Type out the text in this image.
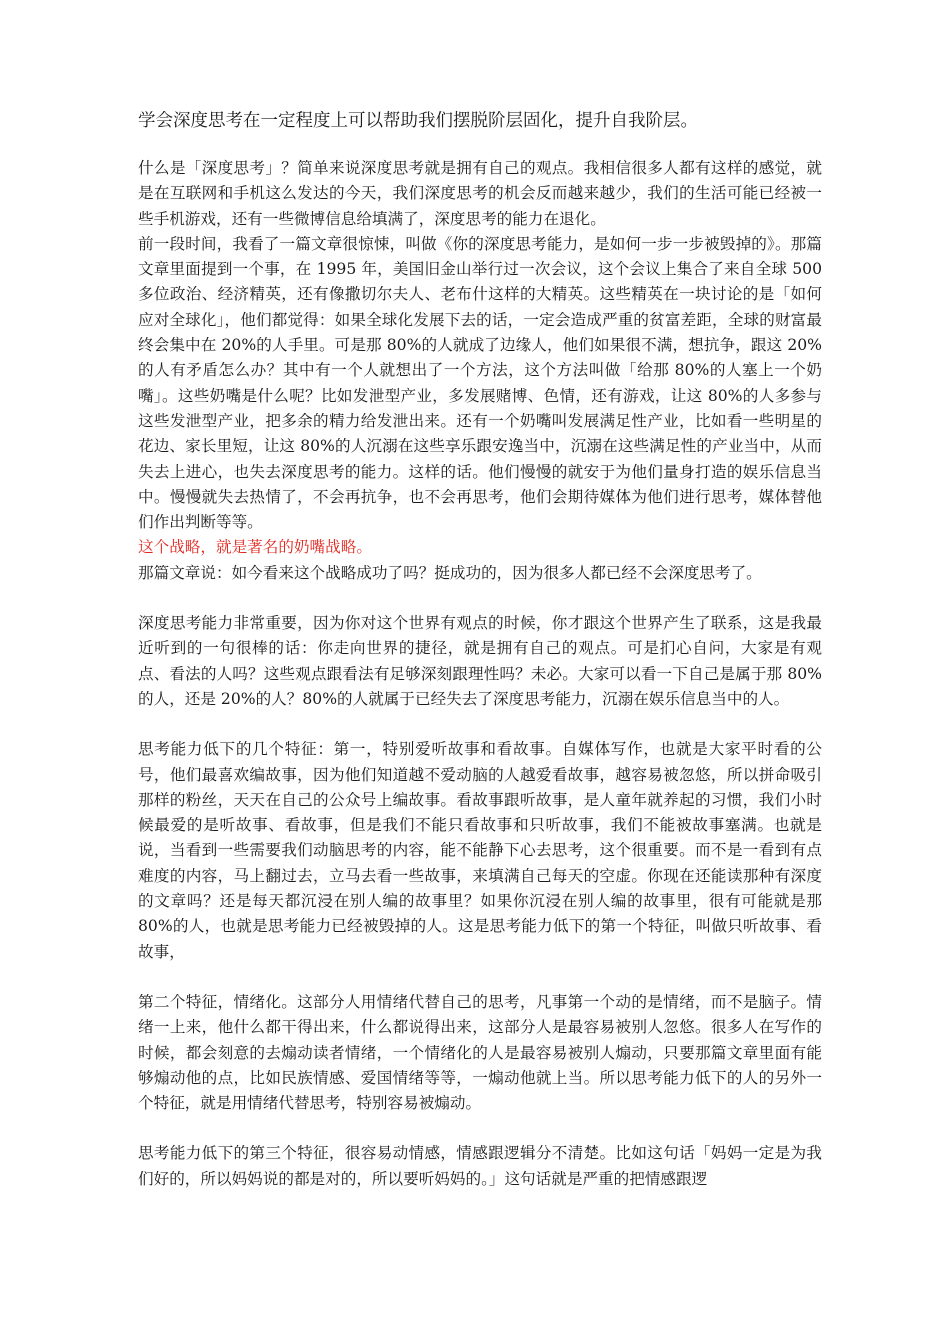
学会深度思考在一定程度上可以帮助我们摆脱阶层固化，提升自我阶层。

什么是「深度思考」？简单来说深度思考就是拥有自己的观点。我相信很多人都有这样的感觉，就是在互联网和手机这么发达的今天，我们深度思考的机会反而越来越少，我们的生活可能已经被一些手机游戏，还有一些微博信息给填满了，深度思考的能力在退化。

前一段时间，我看了一篇文章很惊悚，叫做《你的深度思考能力，是如何一步一步被毁掉的》。那篇文章里面提到一个事，在 1995 年，美国旧金山举行过一次会议，这个会议上集合了来自全球 500 多位政治、经济精英，还有像撒切尔夫人、老布什这样的大精英。这些精英在一块讨论的是「如何应对全球化」，他们都觉得：如果全球化发展下去的话，一定会造成严重的贫富差距，全球的财富最终会集中在 20%的人手里。可是那 80%的人就成了边缘人，他们如果很不满，想抗争，跟这 20%的人有矛盾怎么办？其中有一个人就想出了一个方法，这个方法叫做「给那 80%的人塞上一个奶嘴」。这些奶嘴是什么呢？比如发泄型产业，多发展赌博、色情，还有游戏，让这 80%的人多参与这些发泄型产业，把多余的精力给发泄出来。还有一个奶嘴叫发展满足性产业，比如看一些明星的花边、家长里短，让这 80%的人沉溺在这些享乐跟安逸当中，沉溺在这些满足性的产业当中，从而失去上进心，也失去深度思考的能力。这样的话。他们慢慢的就安于为他们量身打造的娱乐信息当中。慢慢就失去热情了，不会再抗争，也不会再思考，他们会期待媒体为他们进行思考，媒体替他们作出判断等等。

这个战略，就是著名的奶嘴战略。

那篇文章说：如今看来这个战略成功了吗？挺成功的，因为很多人都已经不会深度思考了。

深度思考能力非常重要，因为你对这个世界有观点的时候，你才跟这个世界产生了联系，这是我最近听到的一句很棒的话：你走向世界的捷径，就是拥有自己的观点。可是扪心自问，大家是有观点、看法的人吗？这些观点跟看法有足够深刻跟理性吗？未必。大家可以看一下自己是属于那 80%的人，还是 20%的人？80%的人就属于已经失去了深度思考能力，沉溺在娱乐信息当中的人。

思考能力低下的几个特征：第一，特别爱听故事和看故事。自媒体写作，也就是大家平时看的公号，他们最喜欢编故事，因为他们知道越不爱动脑的人越爱看故事，越容易被忽悠，所以拼命吸引那样的粉丝，天天在自己的公众号上编故事。看故事跟听故事，是人童年就养起的习惯，我们小时候最爱的是听故事、看故事，但是我们不能只看故事和只听故事，我们不能被故事塞满。也就是说，当看到一些需要我们动脑思考的内容，能不能静下心去思考，这个很重要。而不是一看到有点难度的内容，马上翻过去，立马去看一些故事，来填满自己每天的空虚。你现在还能读那种有深度的文章吗？还是每天都沉浸在别人编的故事里？如果你沉浸在别人编的故事里，很有可能就是那 80%的人，也就是思考能力已经被毁掉的人。这是思考能力低下的第一个特征，叫做只听故事、看故事，

第二个特征，情绪化。这部分人用情绪代替自己的思考，凡事第一个动的是情绪，而不是脑子。情绪一上来，他什么都干得出来，什么都说得出来，这部分人是最容易被别人忽悠。很多人在写作的时候，都会刻意的去煽动读者情绪，一个情绪化的人是最容易被别人煽动，只要那篇文章里面有能够煽动他的点，比如民族情感、爱国情绪等等，一煽动他就上当。所以思考能力低下的人的另外一个特征，就是用情绪代替思考，特别容易被煽动。

思考能力低下的第三个特征，很容易动情感，情感跟逻辑分不清楚。比如这句话「妈妈一定是为我们好的，所以妈妈说的都是对的，所以要听妈妈的。」这句话就是严重的把情感跟逻
